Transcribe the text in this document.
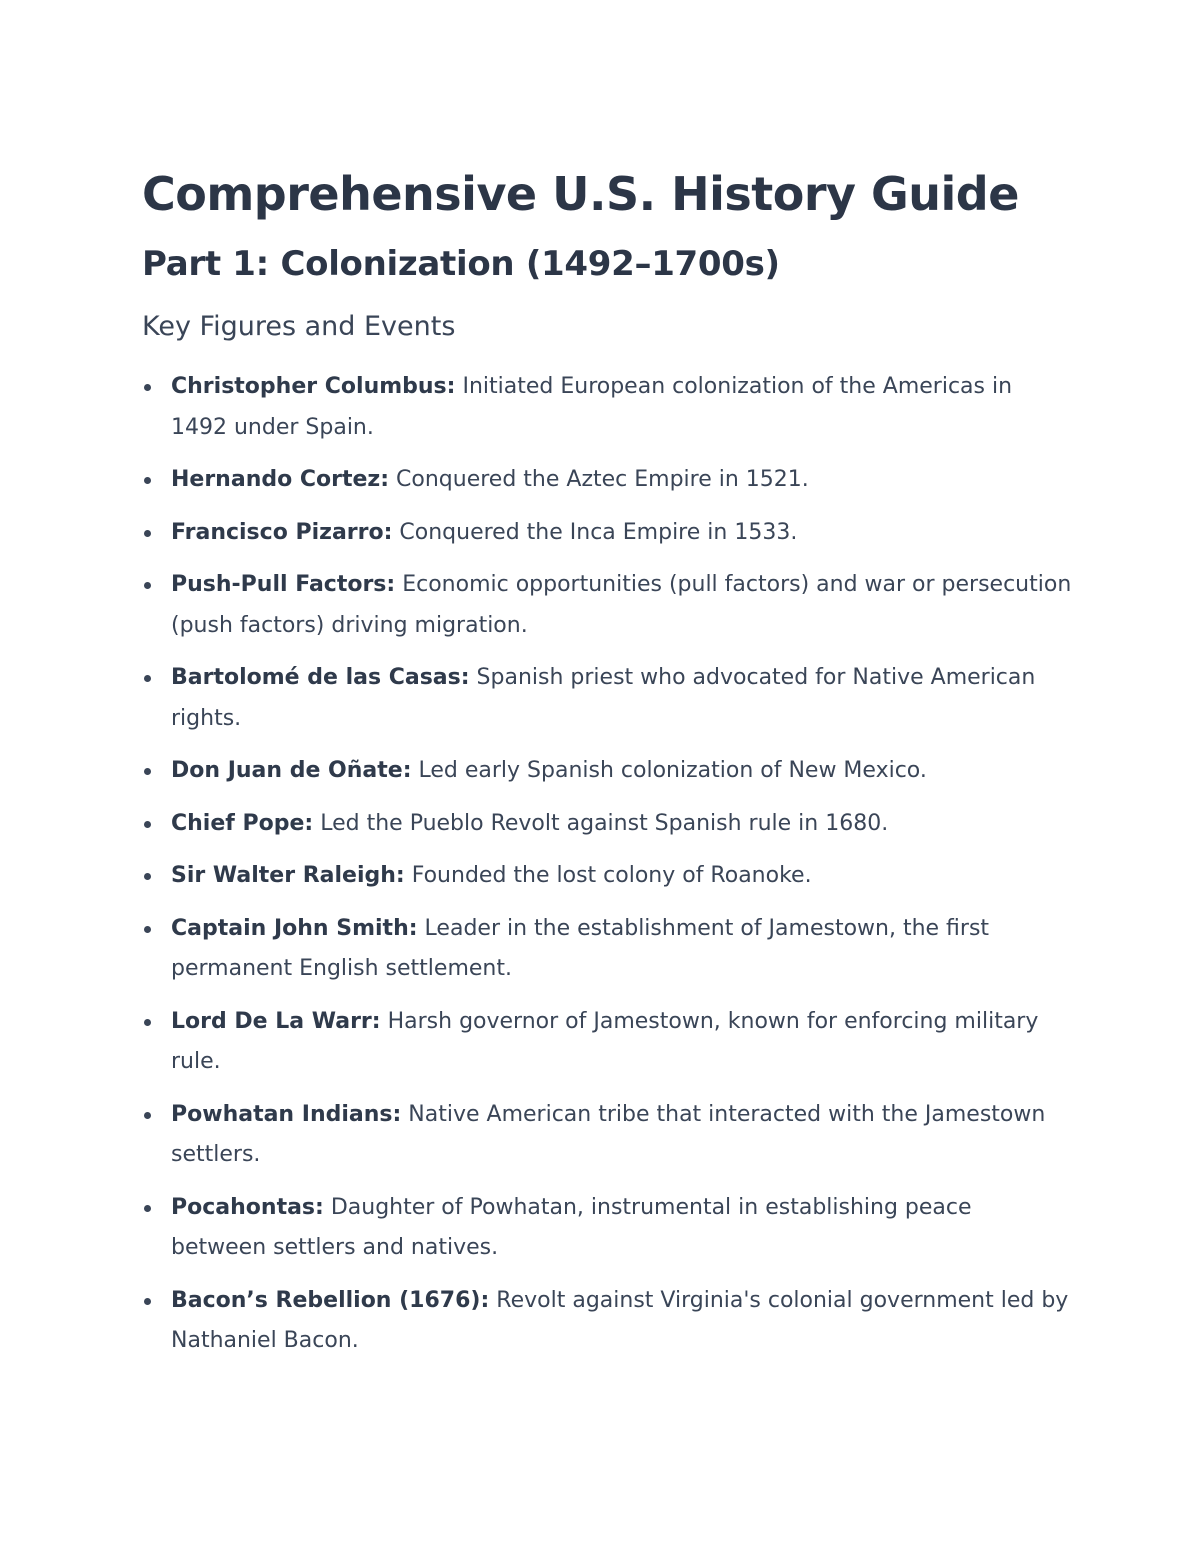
Comprehensive U.S. History Guide
Part 1: Colonization (1492–1700s)
Key Figures and Events
Christopher Columbus: Initiated European colonization of the Americas in 1492 under Spain.
Hernando Cortez: Conquered the Aztec Empire in 1521.
Francisco Pizarro: Conquered the Inca Empire in 1533.
Push-Pull Factors: Economic opportunities (pull factors) and war or persecution (push factors) driving migration.
Bartolomé de las Casas: Spanish priest who advocated for Native American rights.
Don Juan de Oñate: Led early Spanish colonization of New Mexico.
Chief Pope: Led the Pueblo Revolt against Spanish rule in 1680.
Sir Walter Raleigh: Founded the lost colony of Roanoke.
Captain John Smith: Leader in the establishment of Jamestown, the first permanent English settlement.
Lord De La Warr: Harsh governor of Jamestown, known for enforcing military rule.
Powhatan Indians: Native American tribe that interacted with the Jamestown settlers.
Pocahontas: Daughter of Powhatan, instrumental in establishing peace between settlers and natives.
Bacon’s Rebellion (1676): Revolt against Virginia's colonial government led by Nathaniel Bacon.
